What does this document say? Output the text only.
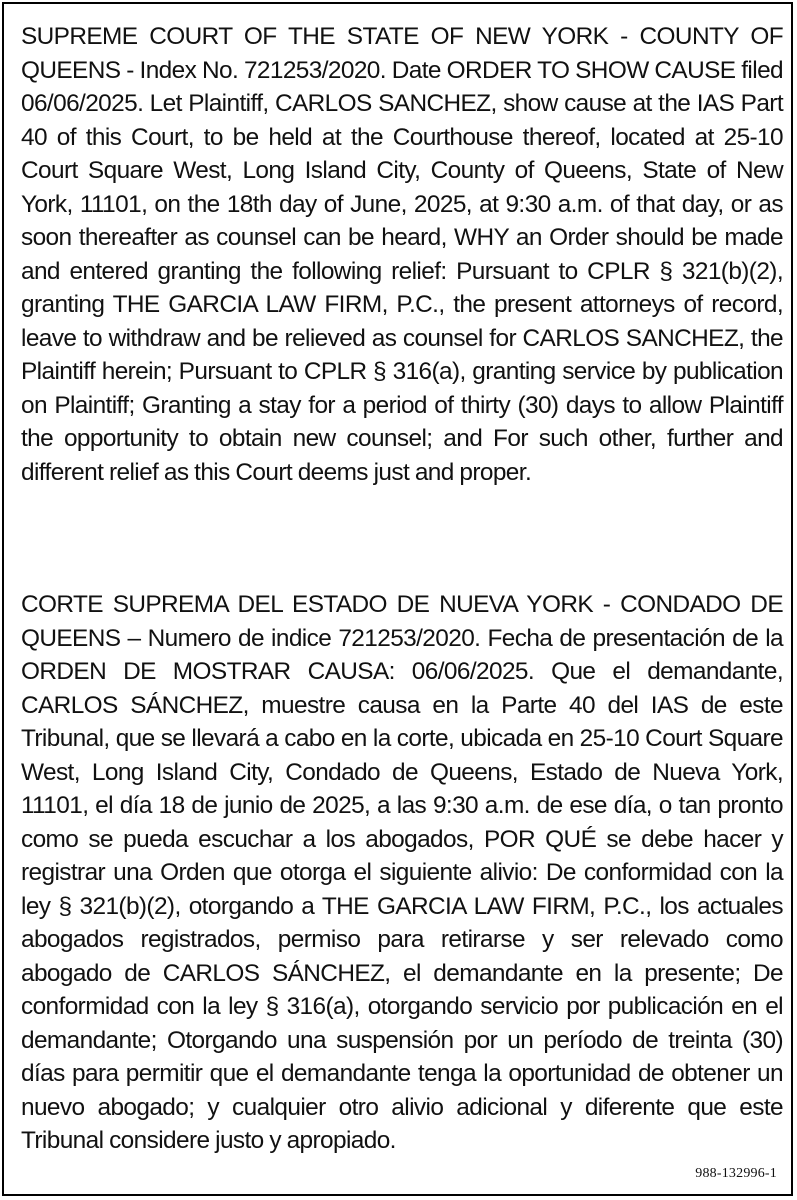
SUPREME COURT OF THE STATE OF NEW YORK - COUNTY OF QUEENS - Index No. 721253/2020. Date ORDER TO SHOW CAUSE filed 06/06/2025. Let Plaintiff, CARLOS SANCHEZ, show cause at the IAS Part 40 of this Court, to be held at the Courthouse thereof, located at 25-10 Court Square West, Long Island City, County of Queens, State of New York, 11101, on the 18th day of June, 2025, at 9:30 a.m. of that day, or as soon thereafter as counsel can be heard, WHY an Order should be made and entered granting the following relief: Pursuant to CPLR § 321(b)(2), granting THE GARCIA LAW FIRM, P.C., the present attorneys of record, leave to withdraw and be relieved as counsel for CARLOS SANCHEZ, the Plaintiff herein; Pursuant to CPLR § 316(a), granting service by publication on Plaintiff; Granting a stay for a period of thirty (30) days to allow Plaintiff the opportunity to obtain new counsel; and For such other, further and different relief as this Court deems just and proper.

CORTE SUPREMA DEL ESTADO DE NUEVA YORK - CONDADO DE QUEENS – Numero de indice 721253/2020. Fecha de presentación de la ORDEN DE MOSTRAR CAUSA: 06/06/2025. Que el demandante, CARLOS SÁNCHEZ, muestre causa en la Parte 40 del IAS de este Tribunal, que se llevará a cabo en la corte, ubicada en 25-10 Court Square West, Long Island City, Condado de Queens, Estado de Nueva York, 11101, el día 18 de junio de 2025, a las 9:30 a.m. de ese día, o tan pronto como se pueda escuchar a los abogados, POR QUÉ se debe hacer y registrar una Orden que otorga el siguiente alivio: De conformidad con la ley § 321(b)(2), otorgando a THE GARCIA LAW FIRM, P.C., los actuales abogados registrados, permiso para retirarse y ser relevado como abogado de CARLOS SÁNCHEZ, el demandante en la presente; De conformidad con la ley § 316(a), otorgando servicio por publicación en el demandante; Otorgando una suspensión por un período de treinta (30) días para permitir que el demandante tenga la oportunidad de obtener un nuevo abogado; y cualquier otro alivio adicional y diferente que este Tribunal considere justo y apropiado.

988-132996-1
